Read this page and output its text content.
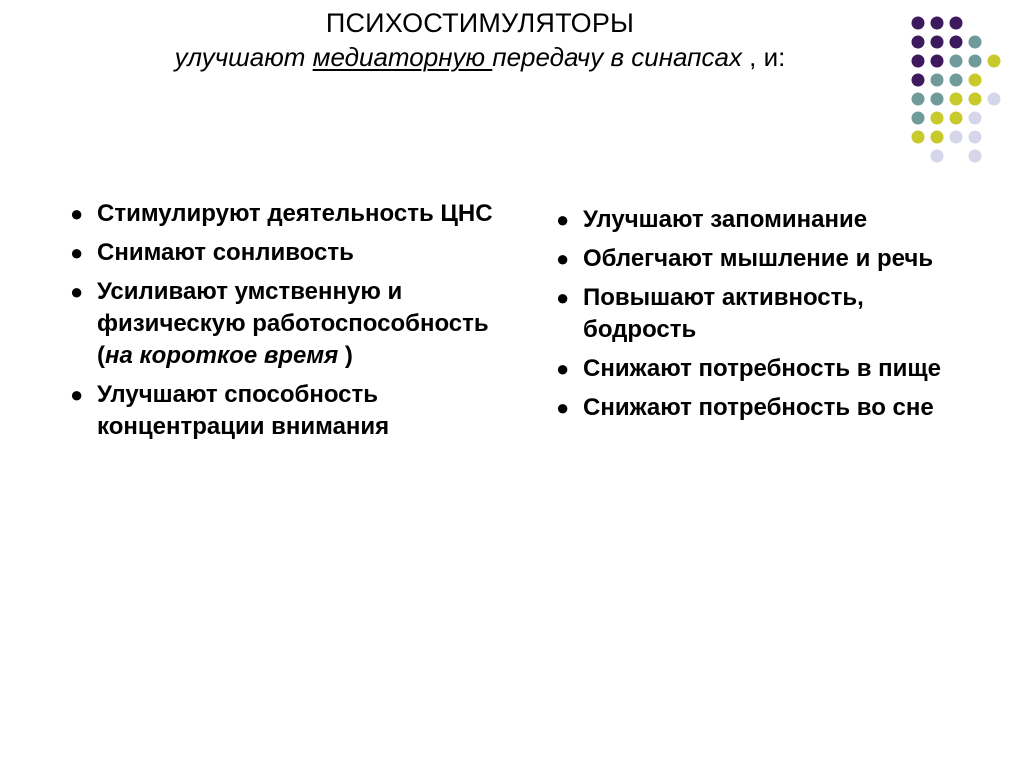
ПСИХОСТИМУЛЯТОРЫ
улучшают медиаторную передачу в синапсах , и:
● Стимулируют деятельность ЦНС
● Снимают сонливость
● Усиливают умственную и физическую работоспособность (на короткое время )
● Улучшают способность концентрации внимания
● Улучшают запоминание
● Облегчают мышление и речь
● Повышают активность, бодрость
● Снижают потребность в пище
● Снижают потребность во сне
